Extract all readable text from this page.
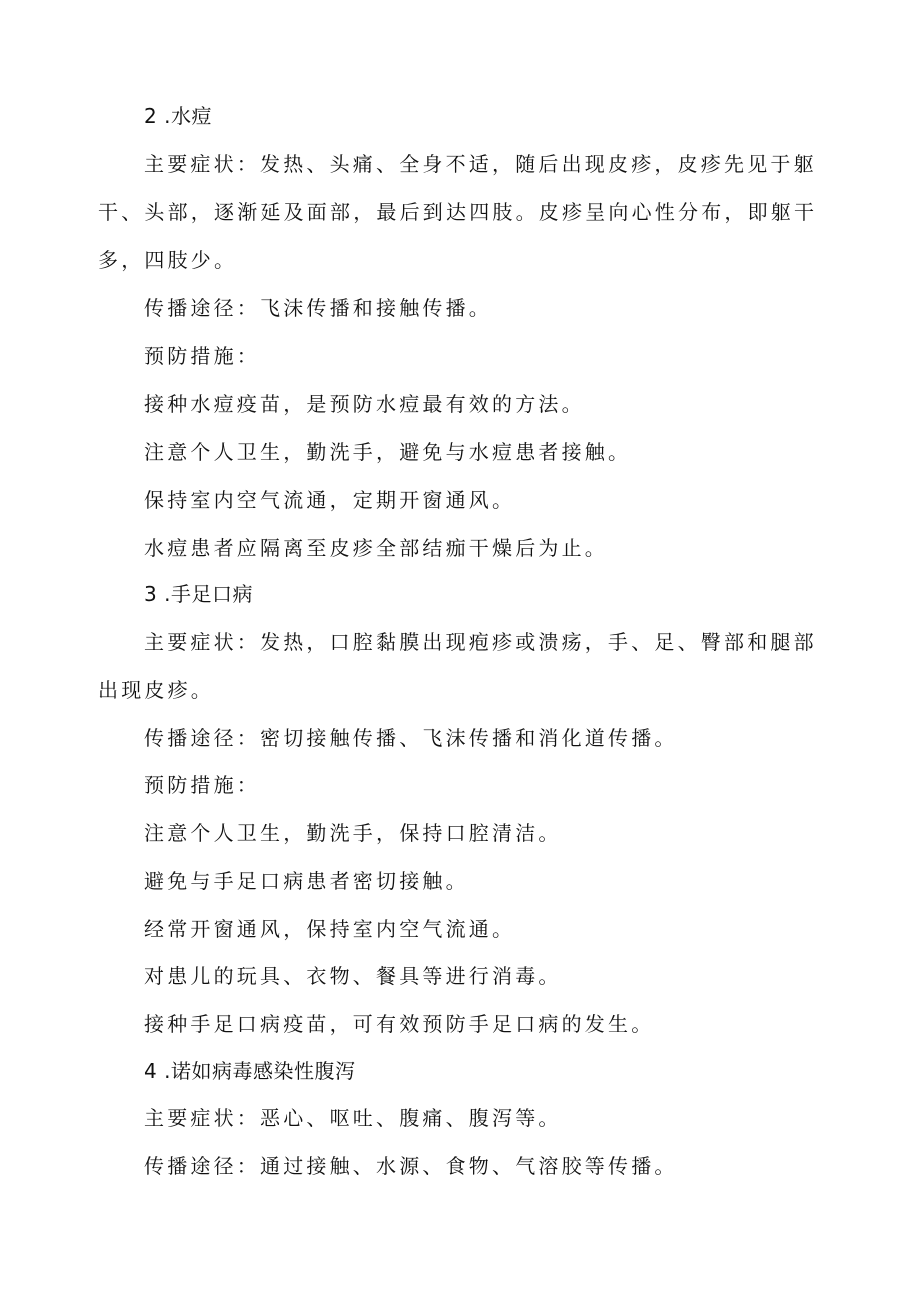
2 .水痘

主要症状：发热、头痛、全身不适，随后出现皮疹，皮疹先见于躯

干、头部，逐渐延及面部，最后到达四肢。皮疹呈向心性分布，即躯干

多，四肢少。

传播途径：飞沫传播和接触传播。

预防措施：

接种水痘疫苗，是预防水痘最有效的方法。

注意个人卫生，勤洗手，避免与水痘患者接触。

保持室内空气流通，定期开窗通风。

水痘患者应隔离至皮疹全部结痂干燥后为止。

3 .手足口病

主要症状：发热，口腔黏膜出现疱疹或溃疡，手、足、臀部和腿部

出现皮疹。

传播途径：密切接触传播、飞沫传播和消化道传播。

预防措施：

注意个人卫生，勤洗手，保持口腔清洁。

避免与手足口病患者密切接触。

经常开窗通风，保持室内空气流通。

对患儿的玩具、衣物、餐具等进行消毒。

接种手足口病疫苗，可有效预防手足口病的发生。

4 .诺如病毒感染性腹泻

主要症状：恶心、呕吐、腹痛、腹泻等。

传播途径：通过接触、水源、食物、气溶胶等传播。
